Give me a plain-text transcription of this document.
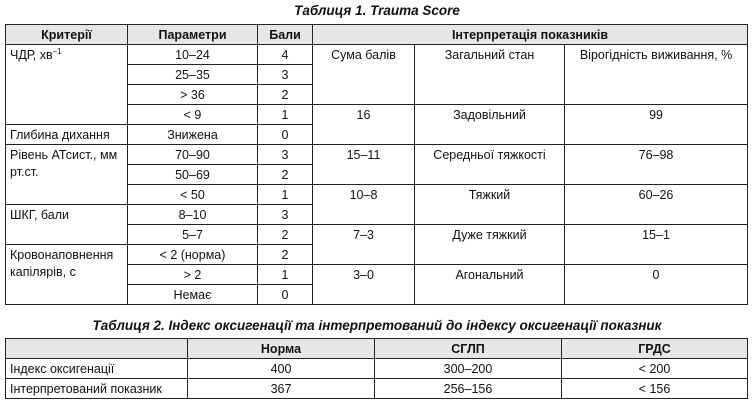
Таблиця 1. Trauma Score
Критерії	Параметри	Бали	Інтерпретація показників		
ЧДР, $хв^{-1}$	10–24	4	Сума балів	Загальний стан	Вірогідність виживання, %
	25–35	3			
	> 36	2			
	< 9	1	16	Задовільний	99
Глибина дихання	Знижена	0			
Рівень АТсист., мм рт.ст.	70–90	3	15–11	Середньої тяжкості	76–98
	50–69	2			
	< 50	1	10–8	Тяжкий	60–26
ШКГ, бали	8–10	3			
	5–7	2	7–3	Дуже тяжкий	15–1
Кровонаповнення капілярів, с	< 2 (норма)	2			
	> 2	1	3–0	Агональний	0
	Немає	0			
Таблиця 2. Індекс оксигенації та інтерпретований до індексу оксигенації показник
	Норма	СГЛП	ГРДС
Індекс оксигенації	400	300–200	< 200
Інтерпретований показник	367	256–156	< 156
